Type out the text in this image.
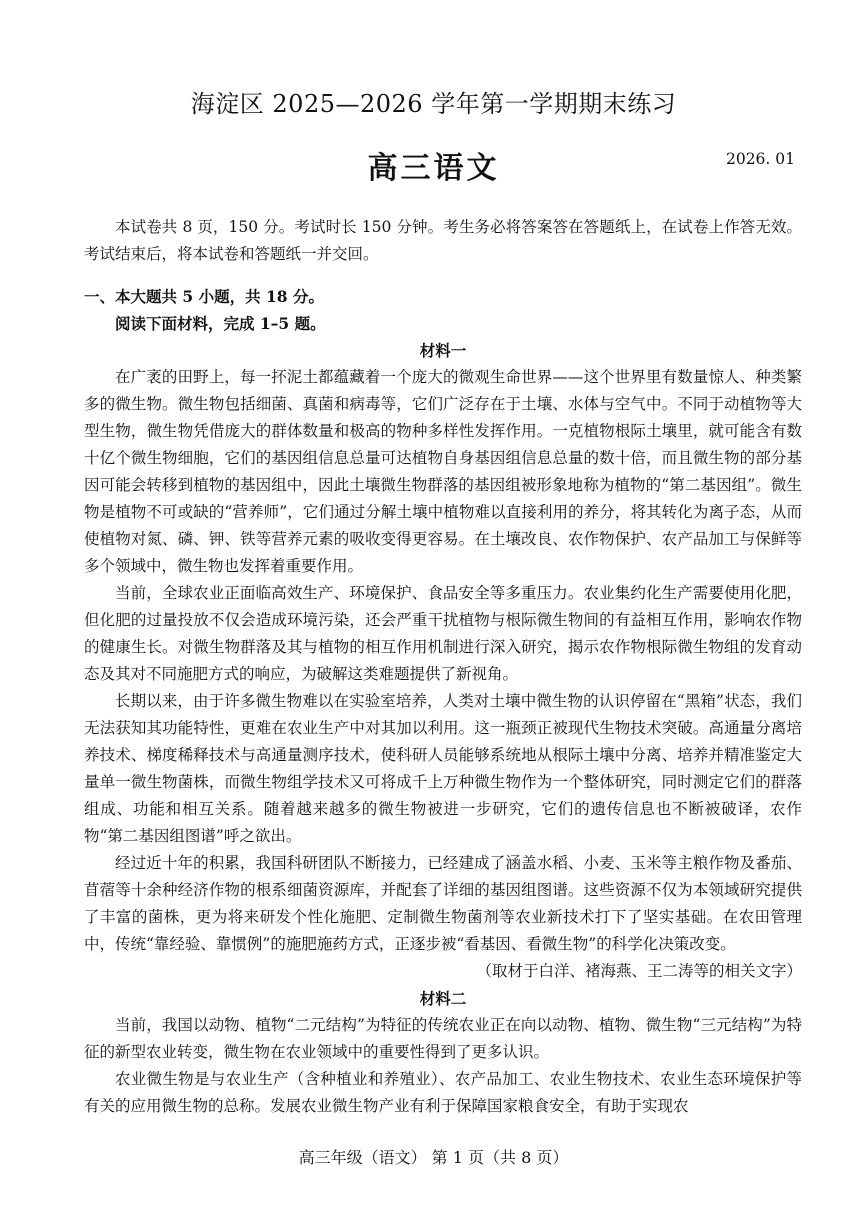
海淀区 2025—2026 学年第一学期期末练习
高三语文	2026. 01

本试卷共 8 页，150 分。考试时长 150 分钟。考生务必将答案答在答题纸上，在试卷上作答无效。考试结束后，将本试卷和答题纸一并交回。

一、本大题共 5 小题，共 18 分。

阅读下面材料，完成 1–5 题。

材料一

在广袤的田野上，每一抔泥土都蕴藏着一个庞大的微观生命世界——这个世界里有数量惊人、种类繁多的微生物。微生物包括细菌、真菌和病毒等，它们广泛存在于土壤、水体与空气中。不同于动植物等大型生物，微生物凭借庞大的群体数量和极高的物种多样性发挥作用。一克植物根际土壤里，就可能含有数十亿个微生物细胞，它们的基因组信息总量可达植物自身基因组信息总量的数十倍，而且微生物的部分基因可能会转移到植物的基因组中，因此土壤微生物群落的基因组被形象地称为植物的“第二基因组”。微生物是植物不可或缺的“营养师”，它们通过分解土壤中植物难以直接利用的养分，将其转化为离子态，从而使植物对氮、磷、钾、铁等营养元素的吸收变得更容易。在土壤改良、农作物保护、农产品加工与保鲜等多个领域中，微生物也发挥着重要作用。

当前，全球农业正面临高效生产、环境保护、食品安全等多重压力。农业集约化生产需要使用化肥，但化肥的过量投放不仅会造成环境污染，还会严重干扰植物与根际微生物间的有益相互作用，影响农作物的健康生长。对微生物群落及其与植物的相互作用机制进行深入研究，揭示农作物根际微生物组的发育动态及其对不同施肥方式的响应，为破解这类难题提供了新视角。

长期以来，由于许多微生物难以在实验室培养，人类对土壤中微生物的认识停留在“黑箱”状态，我们无法获知其功能特性，更难在农业生产中对其加以利用。这一瓶颈正被现代生物技术突破。高通量分离培养技术、梯度稀释技术与高通量测序技术，使科研人员能够系统地从根际土壤中分离、培养并精准鉴定大量单一微生物菌株，而微生物组学技术又可将成千上万种微生物作为一个整体研究，同时测定它们的群落组成、功能和相互关系。随着越来越多的微生物被进一步研究，它们的遗传信息也不断被破译，农作物“第二基因组图谱”呼之欲出。

经过近十年的积累，我国科研团队不断接力，已经建成了涵盖水稻、小麦、玉米等主粮作物及番茄、苜蓿等十余种经济作物的根系细菌资源库，并配套了详细的基因组图谱。这些资源不仅为本领域研究提供了丰富的菌株，更为将来研发个性化施肥、定制微生物菌剂等农业新技术打下了坚实基础。在农田管理中，传统“靠经验、靠惯例”的施肥施药方式，正逐步被“看基因、看微生物”的科学化决策改变。

（取材于白洋、褚海燕、王二涛等的相关文字）

材料二

当前，我国以动物、植物“二元结构”为特征的传统农业正在向以动物、植物、微生物“三元结构”为特征的新型农业转变，微生物在农业领域中的重要性得到了更多认识。

农业微生物是与农业生产（含种植业和养殖业）、农产品加工、农业生物技术、农业生态环境保护等有关的应用微生物的总称。发展农业微生物产业有利于保障国家粮食安全，有助于实现农

高三年级（语文） 第 1 页（共 8 页）
